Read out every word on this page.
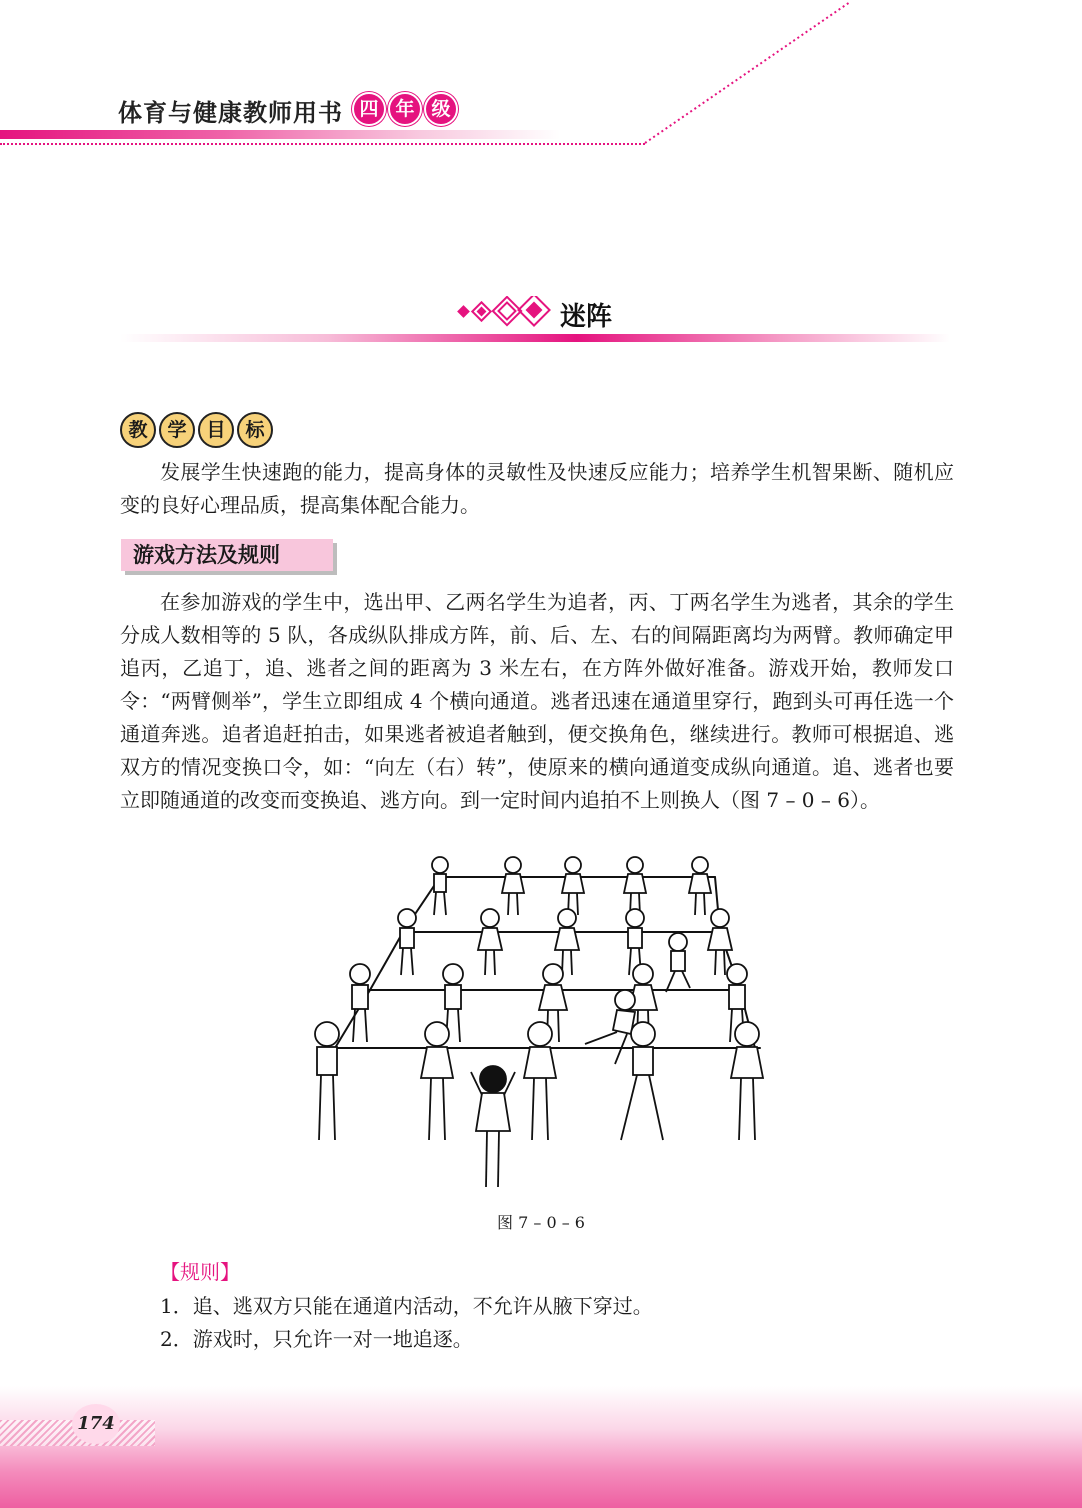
体育与健康教师用书 四 年 级
迷阵
教	学	目	标

发展学生快速跑的能力，提高身体的灵敏性及快速反应能力；培养学生机智果断、随机应变的良好心理品质，提高集体配合能力。

游戏方法及规则

在参加游戏的学生中，选出甲、乙两名学生为追者，丙、丁两名学生为逃者，其余的学生分成人数相等的 5 队，各成纵队排成方阵，前、后、左、右的间隔距离均为两臂。教师确定甲追丙，乙追丁，追、逃者之间的距离为 3 米左右，在方阵外做好准备。游戏开始，教师发口令：“两臂侧举”，学生立即组成 4 个横向通道。逃者迅速在通道里穿行，跑到头可再任选一个通道奔逃。追者追赶拍击，如果逃者被追者触到，便交换角色，继续进行。教师可根据追、逃双方的情况变换口令，如：“向左（右）转”，使原来的横向通道变成纵向通道。追、逃者也要立即随通道的改变而变换追、逃方向。到一定时间内追拍不上则换人（图 7 – 0 – 6）。

图 7 – 0 – 6
【规则】
1．追、逃双方只能在通道内活动，不允许从腋下穿过。
2．游戏时，只允许一对一地追逐。
174
